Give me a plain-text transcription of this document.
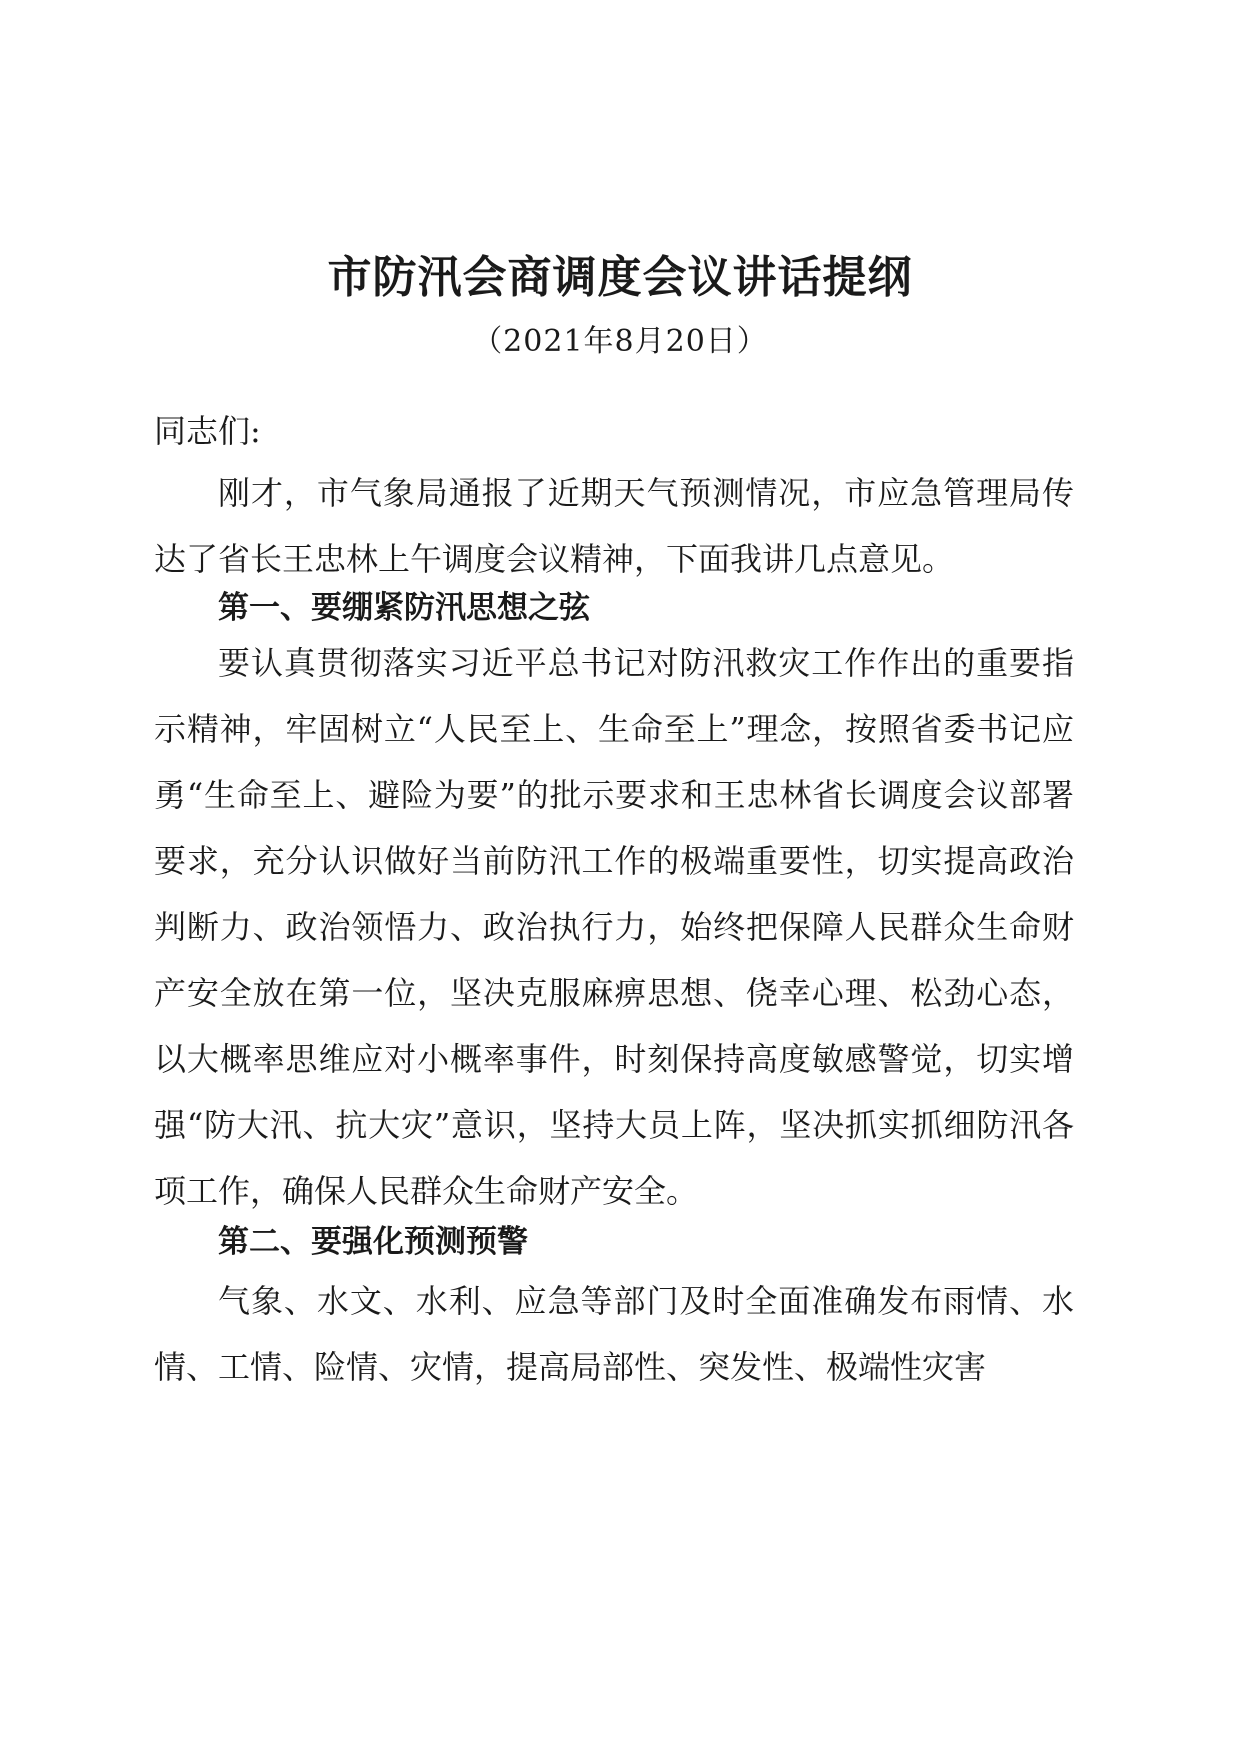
市防汛会商调度会议讲话提纲
（2021年8月20日）
同志们:
刚才，市气象局通报了近期天气预测情况，市应急管理局传达了省长王忠林上午调度会议精神，下面我讲几点意见。
第一、要绷紧防汛思想之弦
要认真贯彻落实习近平总书记对防汛救灾工作作出的重要指示精神，牢固树立“人民至上、生命至上”理念，按照省委书记应勇“生命至上、避险为要”的批示要求和王忠林省长调度会议部署要求，充分认识做好当前防汛工作的极端重要性，切实提高政治判断力、政治领悟力、政治执行力，始终把保障人民群众生命财产安全放在第一位，坚决克服麻痹思想、侥幸心理、松劲心态，以大概率思维应对小概率事件，时刻保持高度敏感警觉，切实增强“防大汛、抗大灾”意识，坚持大员上阵，坚决抓实抓细防汛各项工作，确保人民群众生命财产安全。
第二、要强化预测预警
气象、水文、水利、应急等部门及时全面准确发布雨情、水情、工情、险情、灾情，提高局部性、突发性、极端性灾害
